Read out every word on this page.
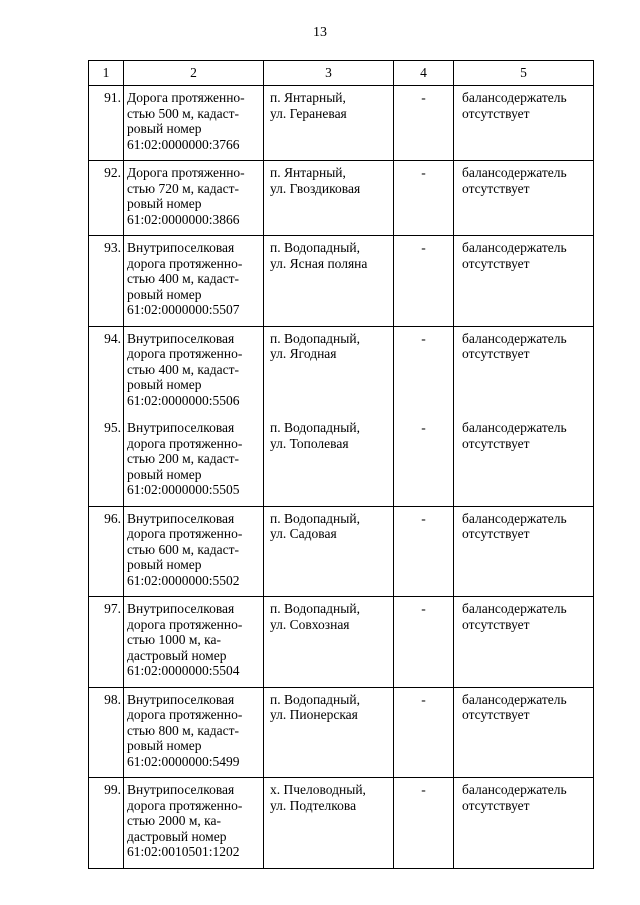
13
1	2	3	4	5
91.	Дорога протяженно-
стью 500 м, кадаст-
ровый номер
61:02:0000000:3766	п. Янтарный,
ул. Гераневая	-	балансодержатель
отсутствует
92.	Дорога протяженно-
стью 720 м, кадаст-
ровый номер
61:02:0000000:3866	п. Янтарный,
ул. Гвоздиковая	-	балансодержатель
отсутствует
93.	Внутрипоселковая
дорога протяженно-
стью 400 м, кадаст-
ровый номер
61:02:0000000:5507	п. Водопадный,
ул. Ясная поляна	-	балансодержатель
отсутствует
94.	Внутрипоселковая
дорога протяженно-
стью 400 м, кадаст-
ровый номер
61:02:0000000:5506	п. Водопадный,
ул. Ягодная	-	балансодержатель
отсутствует
95.	Внутрипоселковая
дорога протяженно-
стью 200 м, кадаст-
ровый номер
61:02:0000000:5505	п. Водопадный,
ул. Тополевая	-	балансодержатель
отсутствует
96.	Внутрипоселковая
дорога протяженно-
стью 600 м, кадаст-
ровый номер
61:02:0000000:5502	п. Водопадный,
ул. Садовая	-	балансодержатель
отсутствует
97.	Внутрипоселковая
дорога протяженно-
стью 1000 м, ка-
дастровый номер
61:02:0000000:5504	п. Водопадный,
ул. Совхозная	-	балансодержатель
отсутствует
98.	Внутрипоселковая
дорога протяженно-
стью 800 м, кадаст-
ровый номер
61:02:0000000:5499	п. Водопадный,
ул. Пионерская	-	балансодержатель
отсутствует
99.	Внутрипоселковая
дорога протяженно-
стью 2000 м, ка-
дастровый номер
61:02:0010501:1202	х. Пчеловодный,
ул. Подтелкова	-	балансодержатель
отсутствует
